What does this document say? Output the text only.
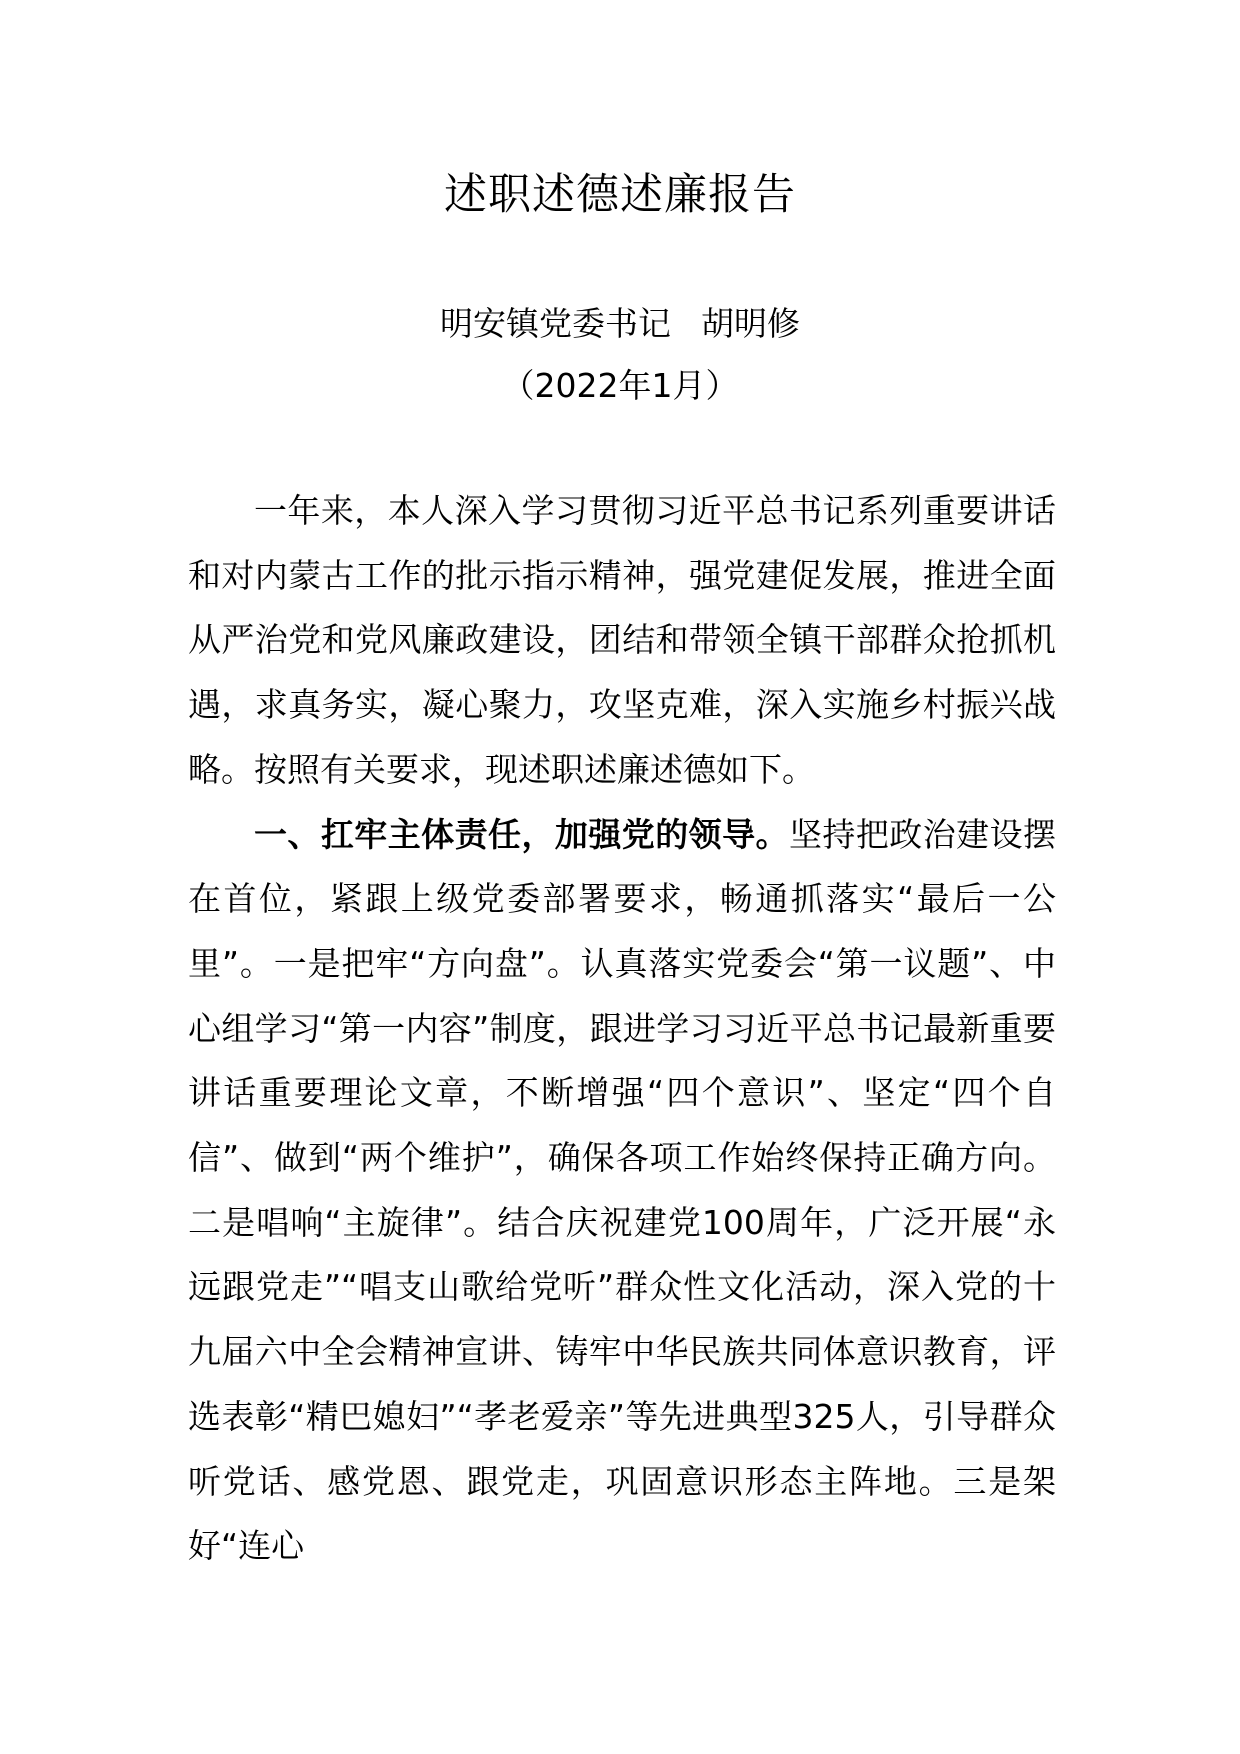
述职述德述廉报告
明安镇党委书记 胡明修
（2022年1月）

一年来，本人深入学习贯彻习近平总书记系列重要讲话和对内蒙古工作的批示指示精神，强党建促发展，推进全面从严治党和党风廉政建设，团结和带领全镇干部群众抢抓机遇，求真务实，凝心聚力，攻坚克难，深入实施乡村振兴战略。按照有关要求，现述职述廉述德如下。

一、扛牢主体责任，加强党的领导。坚持把政治建设摆在首位，紧跟上级党委部署要求，畅通抓落实“最后一公里”。一是把牢“方向盘”。认真落实党委会“第一议题”、中心组学习“第一内容”制度，跟进学习习近平总书记最新重要讲话重要理论文章，不断增强“四个意识”、坚定“四个自信”、做到“两个维护”，确保各项工作始终保持正确方向。二是唱响“主旋律”。结合庆祝建党100周年，广泛开展“永远跟党走”“唱支山歌给党听”群众性文化活动，深入党的十九届六中全会精神宣讲、铸牢中华民族共同体意识教育，评选表彰“精巴媳妇”“孝老爱亲”等先进典型325人，引导群众听党话、感党恩、跟党走，巩固意识形态主阵地。三是架好“连心
